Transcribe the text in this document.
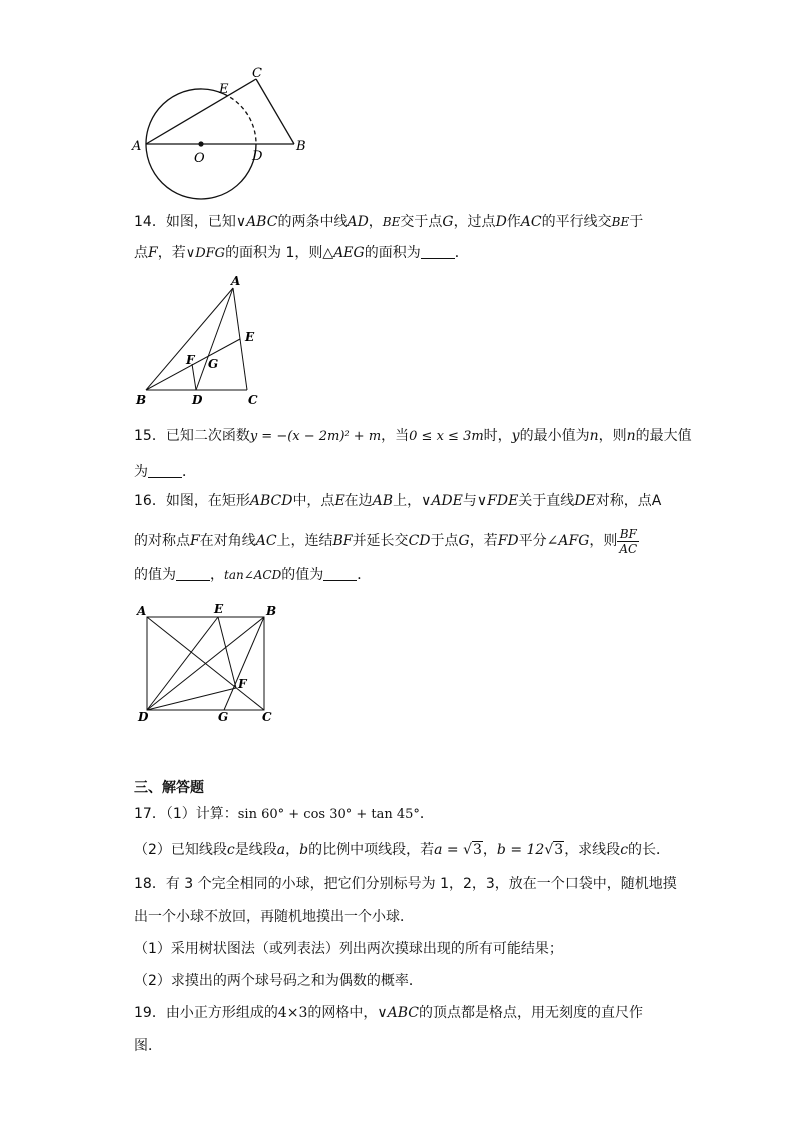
A	B
C
D
E
O
14．如图，已知∨ABC的两条中线AD，BE交于点G，过点D作AC的平行线交BE于
点F，若∨DFG的面积为 1，则△AEG的面积为 ．
A
B	C
D
E
F G
15．已知二次函数y = −(x − 2m)² + m，当0 ≤ x ≤ 3m时，y的最小值为n，则n的最大值
为 ．
16．如图，在矩形ABCD中，点E在边AB上，∨ADE与∨FDE关于直线DE对称，点A
的对称点F在对角线AC上，连结BF并延长交CD于点G，若FD平分∠AFG，则 $\frac{BF}{AC}$
的值为 ，tan∠ACD的值为 ．
A	B
C
D
E
F
G
三、解答题
17．（1）计算：sin 60° + cos 30° + tan 45°．
（2）已知线段c是线段a，b的比例中项线段，若a = √3，b = 12√3，求线段c的长．
18．有 3 个完全相同的小球，把它们分别标号为 1，2，3，放在一个口袋中，随机地摸
出一个小球不放回，再随机地摸出一个小球．
（1）采用树状图法（或列表法）列出两次摸球出现的所有可能结果；
（2）求摸出的两个球号码之和为偶数的概率．
19．由小正方形组成的4×3的网格中，∨ABC的顶点都是格点，用无刻度的直尺作
图．
